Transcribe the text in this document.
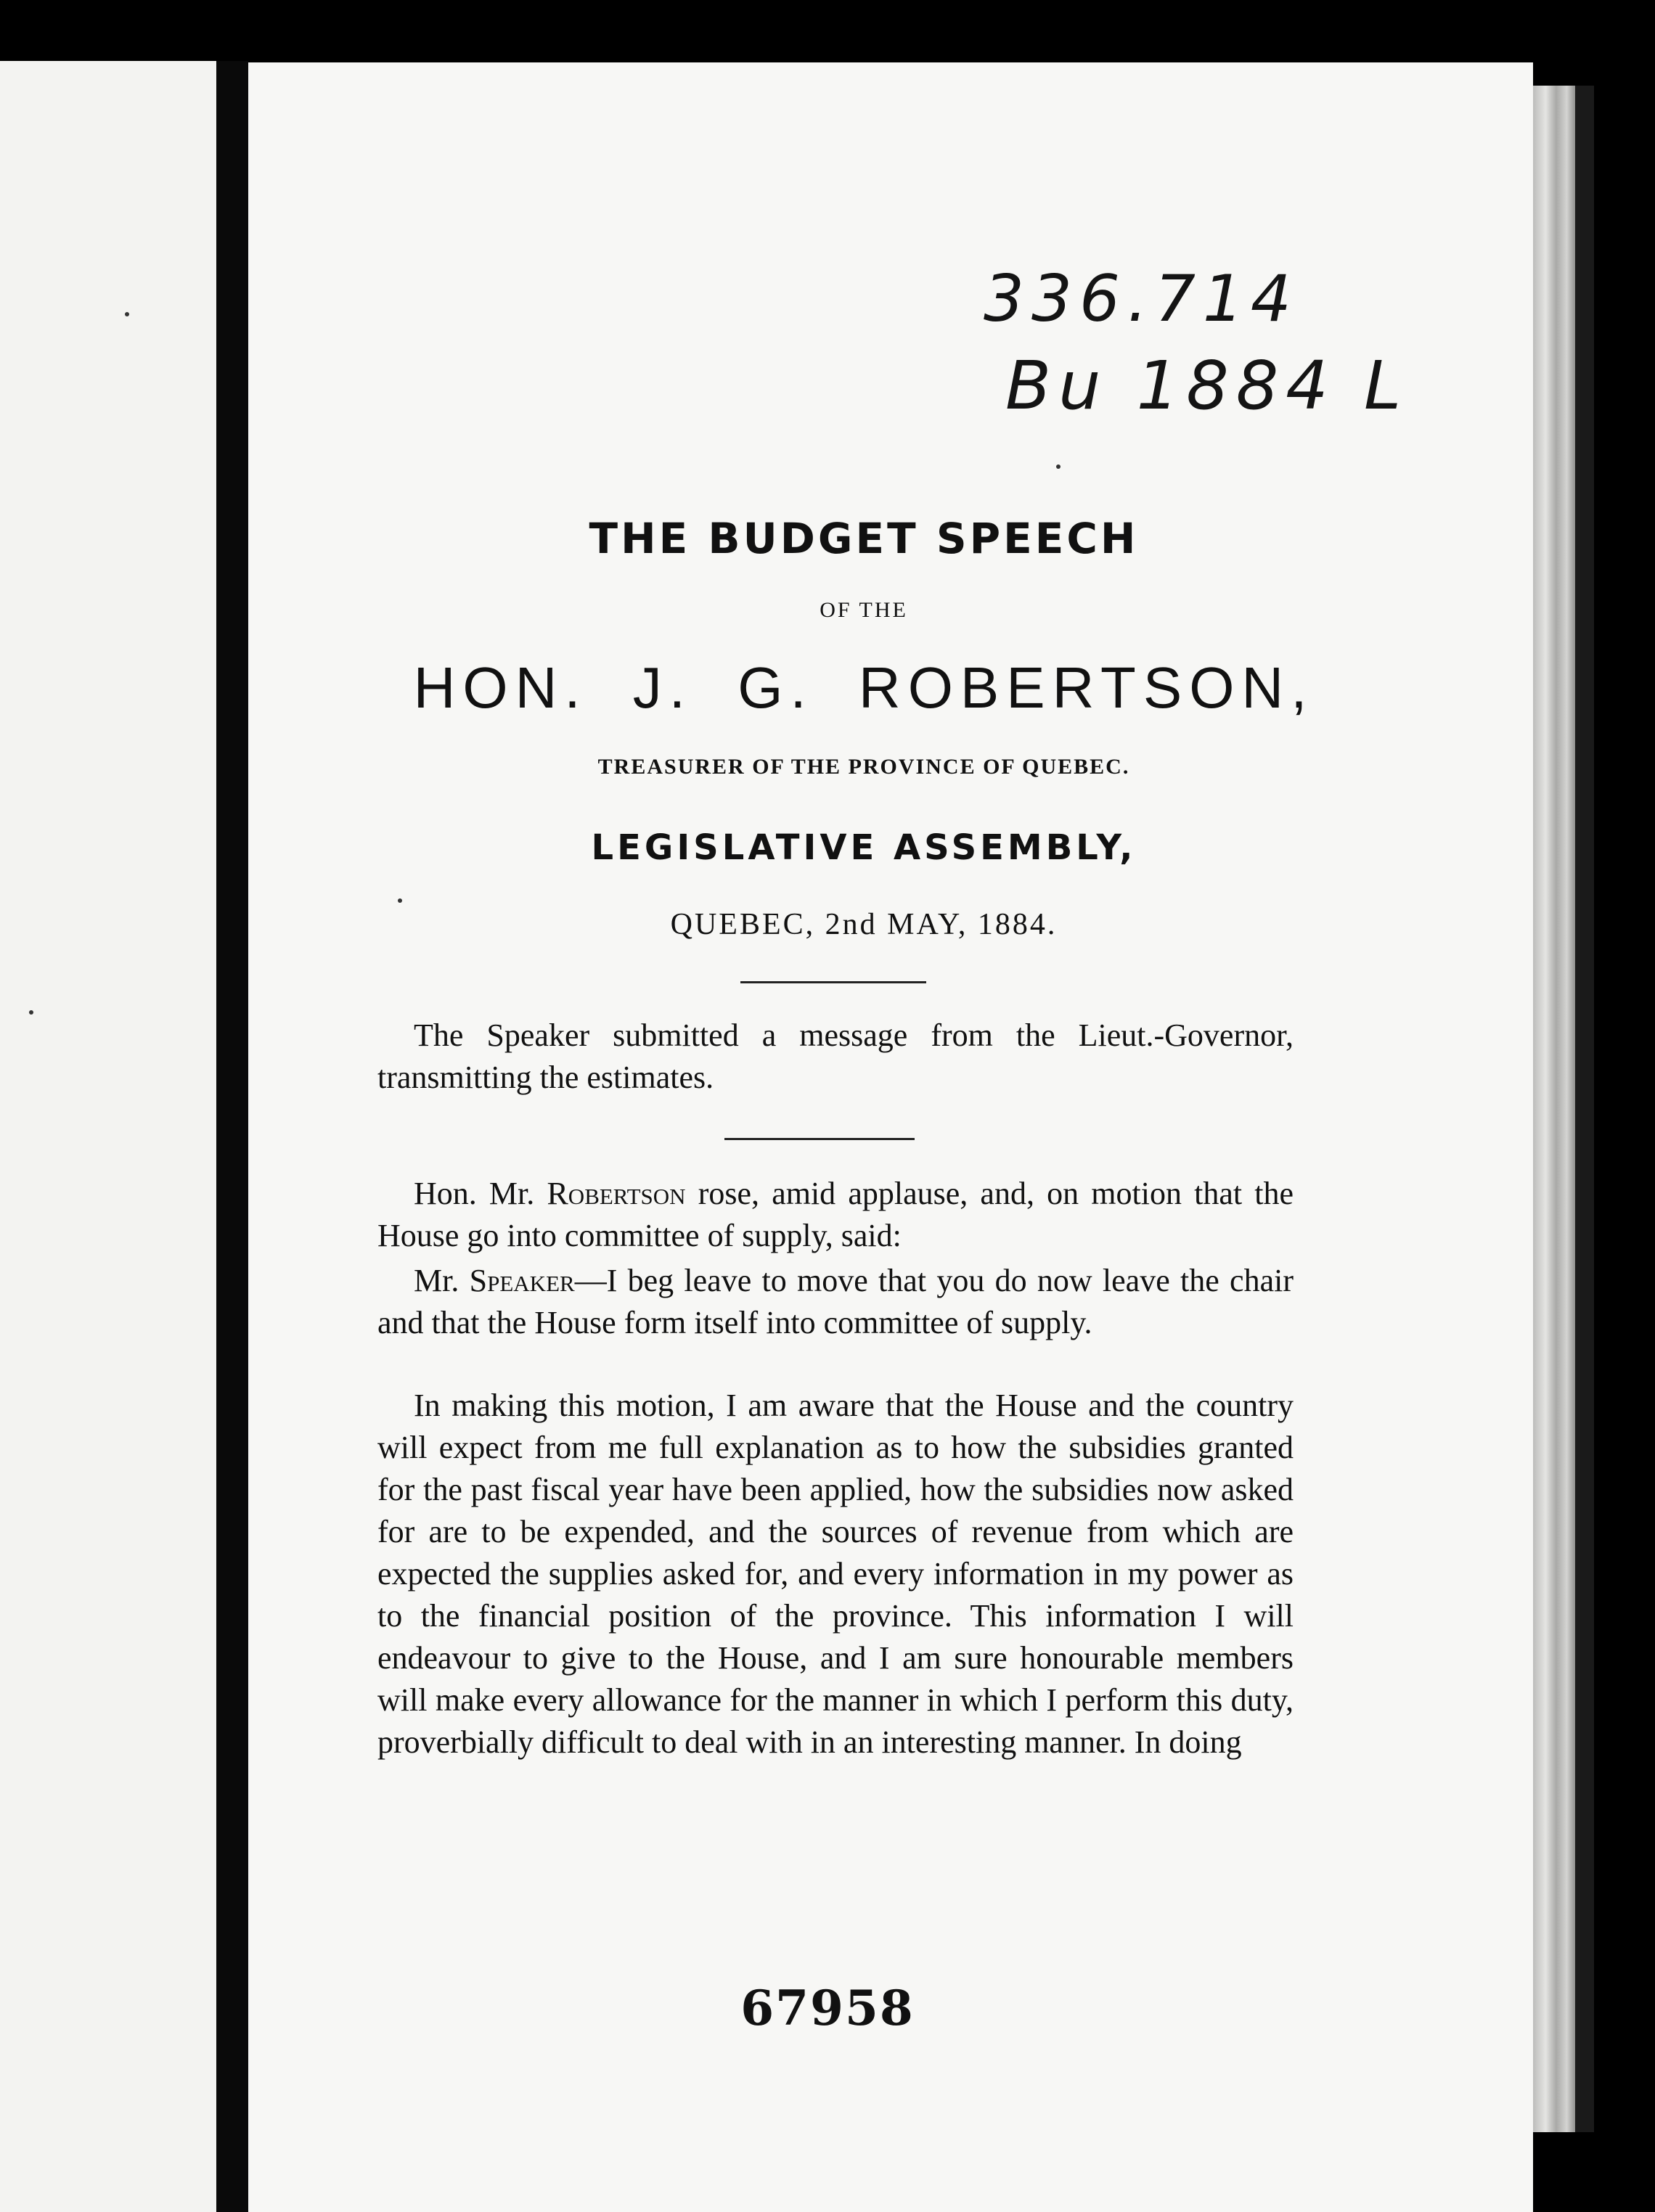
336.714
Bu 1884 L
THE BUDGET SPEECH
OF THE
HON. J. G. ROBERTSON,
TREASURER OF THE PROVINCE OF QUEBEC.
LEGISLATIVE ASSEMBLY,
QUEBEC, 2nd MAY, 1884.

The Speaker submitted a message from the Lieut.-Governor, transmitting the estimates.

Hon. Mr. Robertson rose, amid applause, and, on motion that the House go into committee of supply, said:

Mr. Speaker—I beg leave to move that you do now leave the chair and that the House form itself into committee of supply.

In making this motion, I am aware that the House and the country will expect from me full explanation as to how the subsidies granted for the past fiscal year have been applied, how the subsidies now asked for are to be expended, and the sources of revenue from which are expected the supplies asked for, and every information in my power as to the financial position of the province. This information I will endeavour to give to the House, and I am sure honourable members will make every allowance for the manner in which I perform this duty, proverbially difficult to deal with in an interesting manner. In doing

67958
